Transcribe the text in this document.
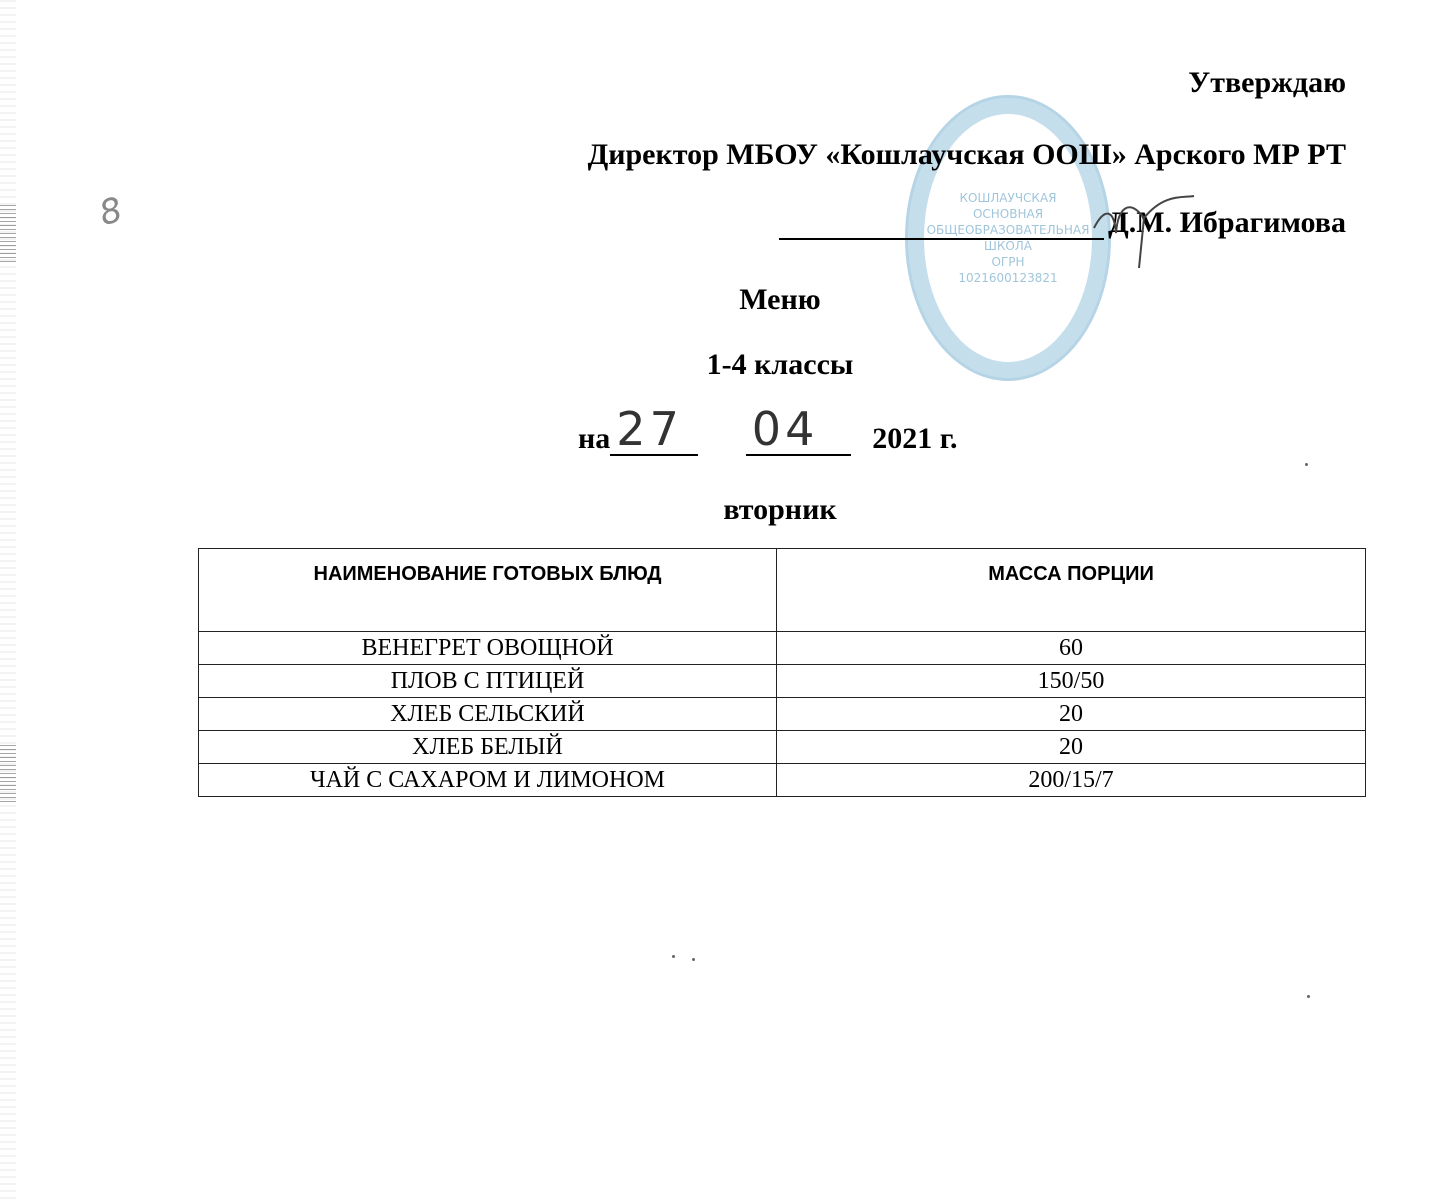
8	КОШЛАУЧСКАЯ
ОСНОВНАЯ
ОБЩЕОБРАЗОВАТЕЛЬНАЯ
ШКОЛА
ОГРН
1021600123821
Утверждаю
Директор МБОУ «Кошлаучская ООШ» Арского МР РТ
Д.М. Ибрагимова
Меню
1-4 классы
на 27
04 2021 г.
вторник
НАИМЕНОВАНИЕ ГОТОВЫХ БЛЮД	МАССА ПОРЦИИ
ВЕНЕГРЕТ ОВОЩНОЙ	60
ПЛОВ С ПТИЦЕЙ	150/50
ХЛЕБ СЕЛЬСКИЙ	20
ХЛЕБ БЕЛЫЙ	20
ЧАЙ С САХАРОМ И ЛИМОНОМ	200/15/7
